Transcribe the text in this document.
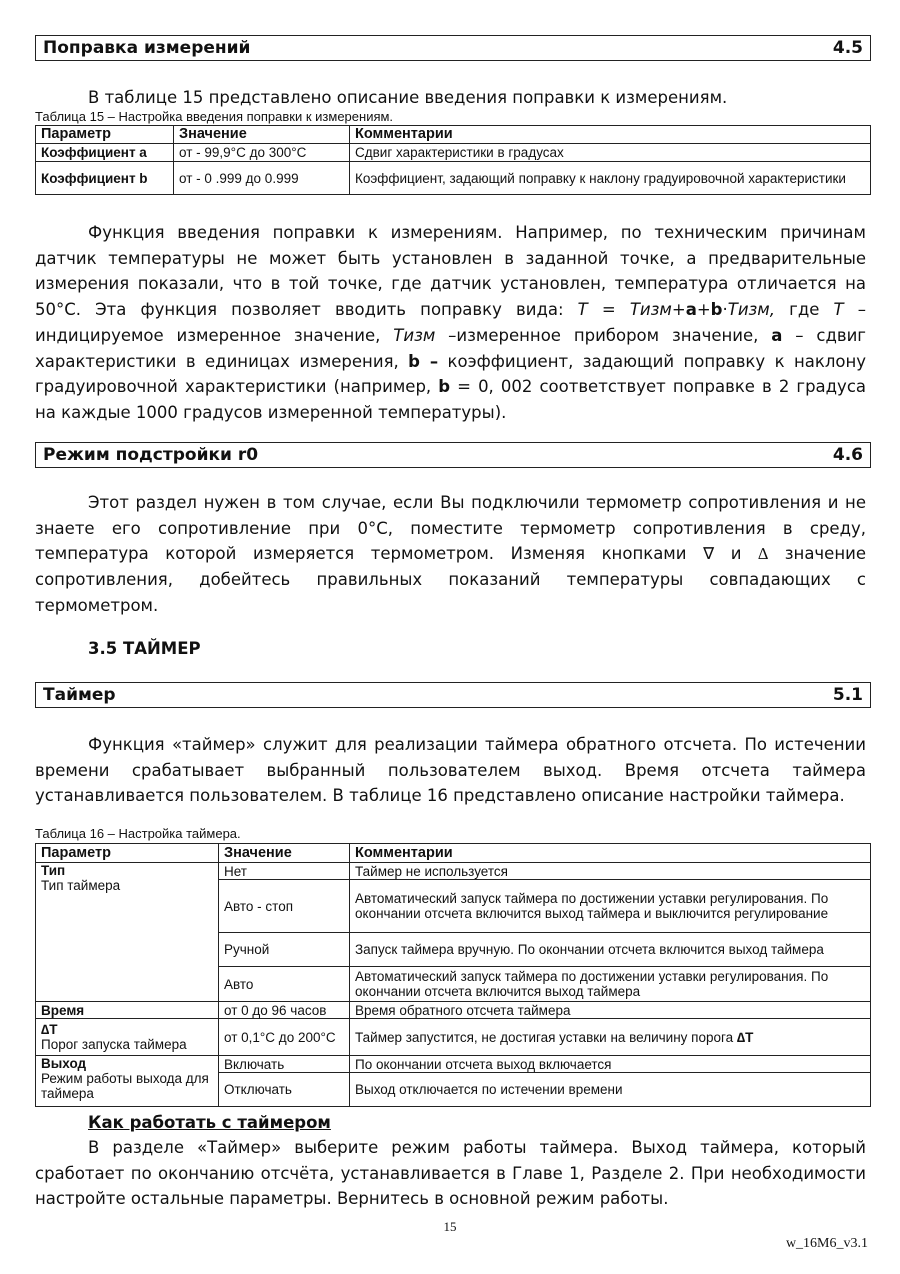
Поправка измерений	4.5

В таблице 15 представлено описание введения поправки к измерениям.

Таблица 15 – Настройка введения поправки к измерениям.
Параметр	Значение	Комментарии
Коэффициент а	от - 99,9°С до 300°С	Сдвиг характеристики в градусах
Коэффициент b	от - 0 .999 до 0.999	Коэффициент, задающий поправку к наклону градуировочной характеристики

Функция введения поправки к измерениям. Например, по техническим причинам датчик температуры не может быть установлен в заданной точке, а предварительные измерения показали, что в той точке, где датчик установлен, температура отличается на 50°С. Эта функция позволяет вводить поправку вида: T = Tизм+a+b·Tизм, где T – индицируемое измеренное значение, Tизм –измеренное прибором значение, а – сдвиг характеристики в единицах измерения, b – коэффициент, задающий поправку к наклону градуировочной характеристики (например, b = 0, 002 соответствует поправке в 2 градуса на каждые 1000 градусов измеренной температуры).

Режим подстройки r0	4.6

Этот раздел нужен в том случае, если Вы подключили термометр сопротивления и не знаете его сопротивление при 0°С, поместите термометр сопротивления в среду, температура которой измеряется термометром. Изменяя кнопками ∇ и ∆ значение сопротивления, добейтесь правильных показаний температуры совпадающих с термометром.

3.5 ТАЙМЕР
Таймер	5.1

Функция «таймер» служит для реализации таймера обратного отсчета. По истечении времени срабатывает выбранный пользователем выход. Время отсчета таймера устанавливается пользователем. В таблице 16 представлено описание настройки таймера.

Таблица 16 – Настройка таймера.
Параметр	Значение	Комментарии

Тип
Тип таймера	Нет	Таймер не используется
	Авто - стоп	Автоматический запуск таймера по достижении уставки регулирования. По окончании отсчета включится выход таймера и выключится регулирование
	Ручной	Запуск таймера вручную. По окончании отсчета включится выход таймера
	Авто	Автоматический запуск таймера по достижении уставки регулирования. По окончании отсчета включится выход таймера
Время	от 0 до 96 часов	Время обратного отсчета таймера

∆T
Порог запуска таймера	от 0,1°С до 200°С	Таймер запустится, не достигая уставки на величину порога ∆T

Выход
Режим работы выхода для таймера	Включать	По окончании отсчета выход включается
	Отключать	Выход отключается по истечении времени
Как работать с таймером

В разделе «Таймер» выберите режим работы таймера. Выход таймера, который сработает по окончанию отсчёта, устанавливается в Главе 1, Разделе 2. При необходимости настройте остальные параметры. Вернитесь в основной режим работы.

15
w_16M6_v3.1
